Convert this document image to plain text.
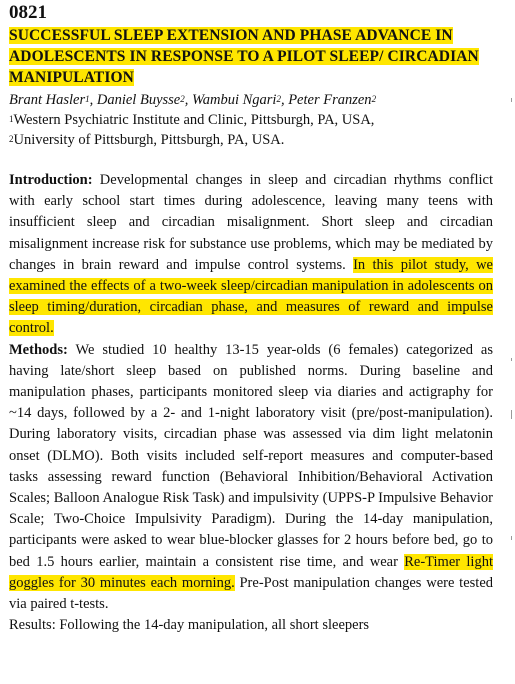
0821
SUCCESSFUL SLEEP EXTENSION AND PHASE ADVANCE IN ADOLESCENTS IN RESPONSE TO A PILOT SLEEP/ CIRCADIAN MANIPULATION
Brant Hasler$^1$, Daniel Buysse$^2$, Wambui Ngari$^2$, Peter Franzen$^2$
$^1$Western Psychiatric Institute and Clinic, Pittsburgh, PA, USA,
$^2$University of Pittsburgh, Pittsburgh, PA, USA.

Introduction: Developmental changes in sleep and circadian rhythms conflict with early school start times during adolescence, leaving many teens with insufficient sleep and circadian misalignment. Short sleep and circadian misalignment increase risk for substance use problems, which may be mediated by changes in brain reward and impulse control systems. In this pilot study, we examined the effects of a two-week sleep/circadian manipulation in adolescents on sleep timing/duration, circadian phase, and measures of reward and impulse control.

Methods: We studied 10 healthy 13-15 year-olds (6 females) categorized as having late/short sleep based on published norms. During baseline and manipulation phases, participants monitored sleep via diaries and actigraphy for ~14 days, followed by a 2- and 1-night laboratory visit (pre/post-manipulation). During laboratory visits, circadian phase was assessed via dim light melatonin onset (DLMO). Both visits included self-report measures and computer-based tasks assessing reward function (Behavioral Inhibition/Behavioral Activation Scales; Balloon Analogue Risk Task) and impulsivity (UPPS-P Impulsive Behavior Scale; Two-Choice Impulsivity Paradigm). During the 14-day manipulation, participants were asked to wear blue-blocker glasses for 2 hours before bed, go to bed 1.5 hours earlier, maintain a consistent rise time, and wear Re-Timer light goggles for 30 minutes each morning. Pre-Post manipulation changes were tested via paired t-tests.

Results: Following the 14-day manipulation, all short sleepers
